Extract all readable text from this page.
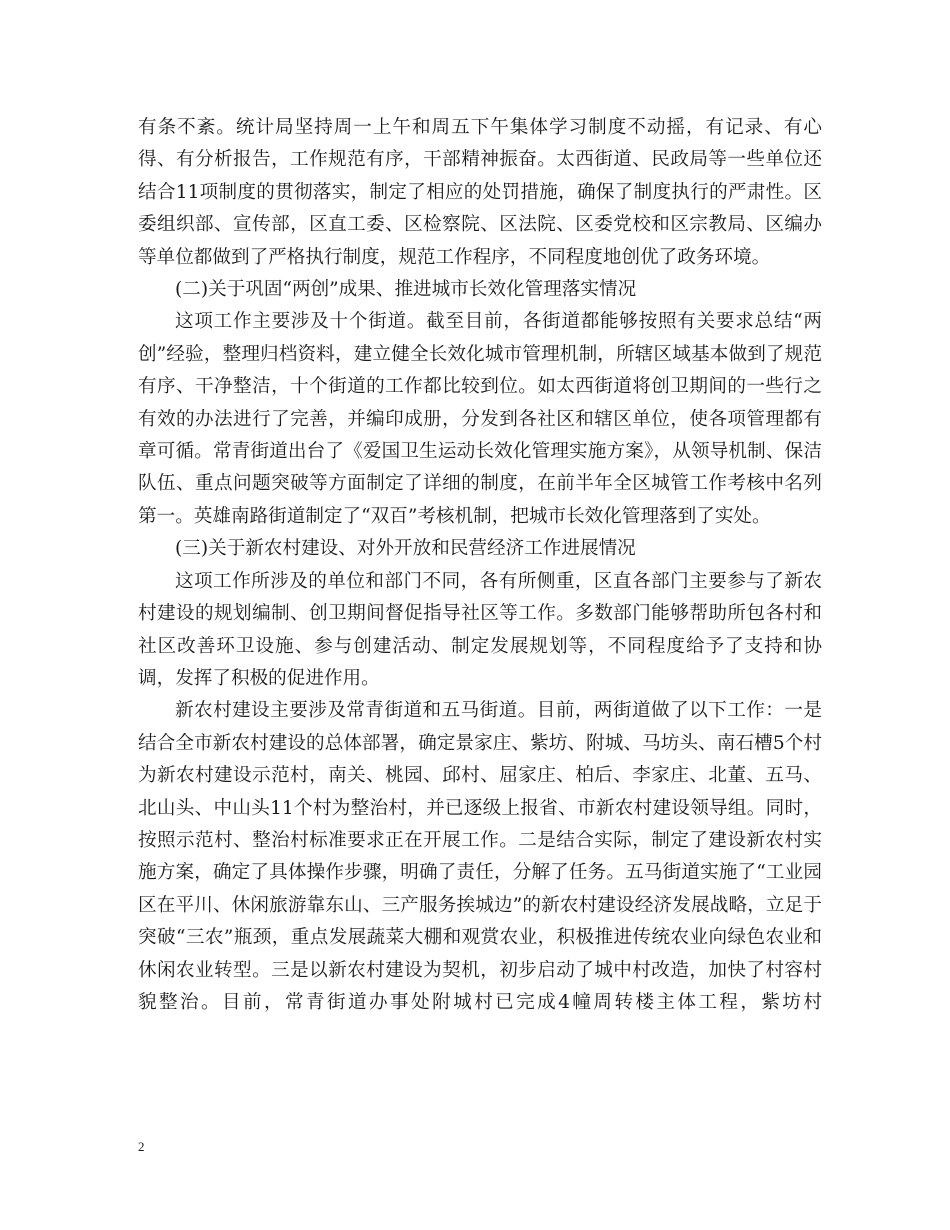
有条不紊。统计局坚持周一上午和周五下午集体学习制度不动摇，有记录、有心得、有分析报告，工作规范有序，干部精神振奋。太西街道、民政局等一些单位还结合11项制度的贯彻落实，制定了相应的处罚措施，确保了制度执行的严肃性。区委组织部、宣传部，区直工委、区检察院、区法院、区委党校和区宗教局、区编办等单位都做到了严格执行制度，规范工作程序，不同程度地创优了政务环境。

(二)关于巩固“两创”成果、推进城市长效化管理落实情况

这项工作主要涉及十个街道。截至目前，各街道都能够按照有关要求总结“两创”经验，整理归档资料，建立健全长效化城市管理机制，所辖区域基本做到了规范有序、干净整洁，十个街道的工作都比较到位。如太西街道将创卫期间的一些行之有效的办法进行了完善，并编印成册，分发到各社区和辖区单位，使各项管理都有章可循。常青街道出台了《爱国卫生运动长效化管理实施方案》，从领导机制、保洁队伍、重点问题突破等方面制定了详细的制度，在前半年全区城管工作考核中名列第一。英雄南路街道制定了“双百”考核机制，把城市长效化管理落到了实处。

(三)关于新农村建设、对外开放和民营经济工作进展情况

这项工作所涉及的单位和部门不同，各有所侧重，区直各部门主要参与了新农村建设的规划编制、创卫期间督促指导社区等工作。多数部门能够帮助所包各村和社区改善环卫设施、参与创建活动、制定发展规划等，不同程度给予了支持和协调，发挥了积极的促进作用。

新农村建设主要涉及常青街道和五马街道。目前，两街道做了以下工作：一是结合全市新农村建设的总体部署，确定景家庄、紫坊、附城、马坊头、南石槽5个村为新农村建设示范村，南关、桃园、邱村、屈家庄、柏后、李家庄、北董、五马、北山头、中山头11个村为整治村，并已逐级上报省、市新农村建设领导组。同时，按照示范村、整治村标准要求正在开展工作。二是结合实际，制定了建设新农村实施方案，确定了具体操作步骤，明确了责任，分解了任务。五马街道实施了“工业园区在平川、休闲旅游靠东山、三产服务挨城边”的新农村建设经济发展战略，立足于突破“三农”瓶颈，重点发展蔬菜大棚和观赏农业，积极推进传统农业向绿色农业和休闲农业转型。三是以新农村建设为契机，初步启动了城中村改造，加快了村容村貌整治。目前，常青街道办事处附城村已完成4幢周转楼主体工程，紫坊村

2
